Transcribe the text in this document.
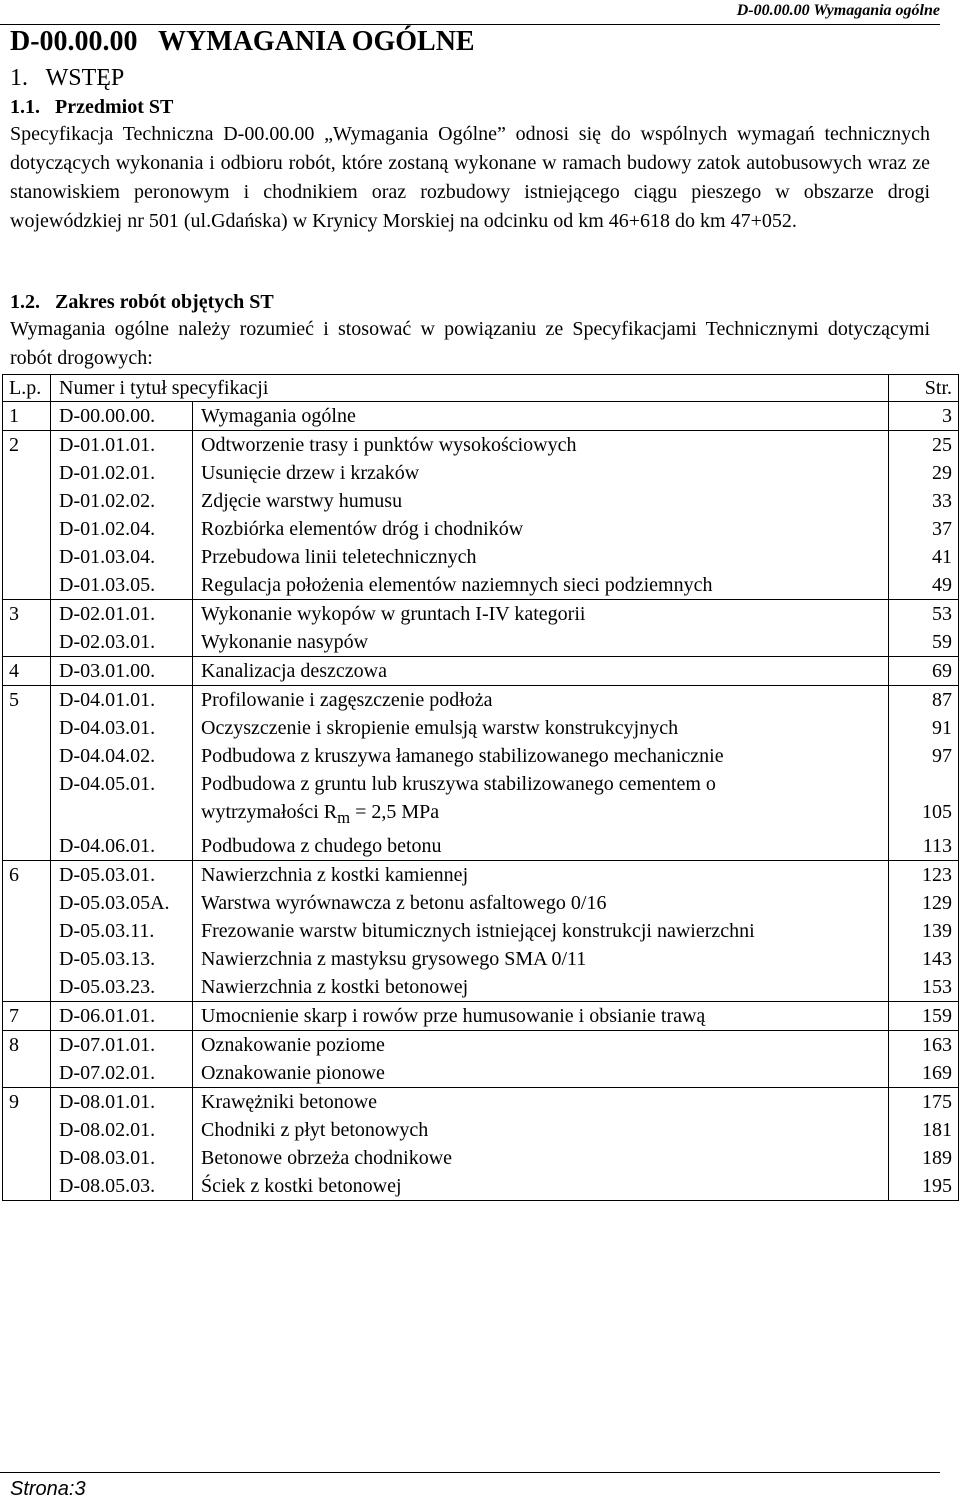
D-00.00.00 Wymagania ogólne
D-00.00.00   WYMAGANIA OGÓLNE
1.   WSTĘP
1.1.   Przedmiot ST
Specyfikacja Techniczna D-00.00.00 „Wymagania Ogólne” odnosi się do wspólnych wymagań technicznych dotyczących wykonania i odbioru robót, które zostaną wykonane w ramach budowy zatok autobusowych wraz ze stanowiskiem peronowym i chodnikiem oraz rozbudowy istniejącego ciągu pieszego w obszarze drogi wojewódzkiej nr 501 (ul.Gdańska) w Krynicy Morskiej na odcinku od km 46+618 do km 47+052.
1.2.   Zakres robót objętych ST
Wymagania ogólne należy rozumieć i stosować w powiązaniu ze Specyfikacjami Technicznymi dotyczącymi robót drogowych:
L.p.	Numer i tytuł specyfikacji		Str.
1	D-00.00.00.	Wymagania ogólne	3
2	D-01.01.01.	Odtworzenie trasy i punktów wysokościowych	25
	D-01.02.01.	Usunięcie drzew i krzaków	29
	D-01.02.02.	Zdjęcie warstwy humusu	33
	D-01.02.04.	Rozbiórka elementów dróg i chodników	37
	D-01.03.04.	Przebudowa linii teletechnicznych	41
	D-01.03.05.	Regulacja położenia elementów naziemnych sieci podziemnych	49
3	D-02.01.01.	Wykonanie wykopów w gruntach I-IV kategorii	53
	D-02.03.01.	Wykonanie nasypów	59
4	D-03.01.00.	Kanalizacja deszczowa	69
5	D-04.01.01.	Profilowanie i zagęszczenie podłoża	87
	D-04.03.01.	Oczyszczenie i skropienie emulsją warstw konstrukcyjnych	91
	D-04.04.02.	Podbudowa z kruszywa łamanego stabilizowanego mechanicznie	97
	D-04.05.01.	Podbudowa z gruntu lub kruszywa stabilizowanego cementem o
wytrzymałości $R_m = 2,5$ MPa	105

	D-04.06.01.	Podbudowa z chudego betonu	113
6	D-05.03.01.	Nawierzchnia z kostki kamiennej	123
	D-05.03.05A.	Warstwa wyrównawcza z betonu asfaltowego 0/16	129
	D-05.03.11.	Frezowanie warstw bitumicznych istniejącej konstrukcji nawierzchni	139
	D-05.03.13.	Nawierzchnia z mastyksu grysowego SMA 0/11	143
	D-05.03.23.	Nawierzchnia z kostki betonowej	153
7	D-06.01.01.	Umocnienie skarp i rowów prze humusowanie i obsianie trawą	159
8	D-07.01.01.	Oznakowanie poziome	163
	D-07.02.01.	Oznakowanie pionowe	169
9	D-08.01.01.	Krawężniki betonowe	175
	D-08.02.01.	Chodniki z płyt betonowych	181
	D-08.03.01.	Betonowe obrzeża chodnikowe	189
	D-08.05.03.	Ściek z kostki betonowej	195
Strona:3
